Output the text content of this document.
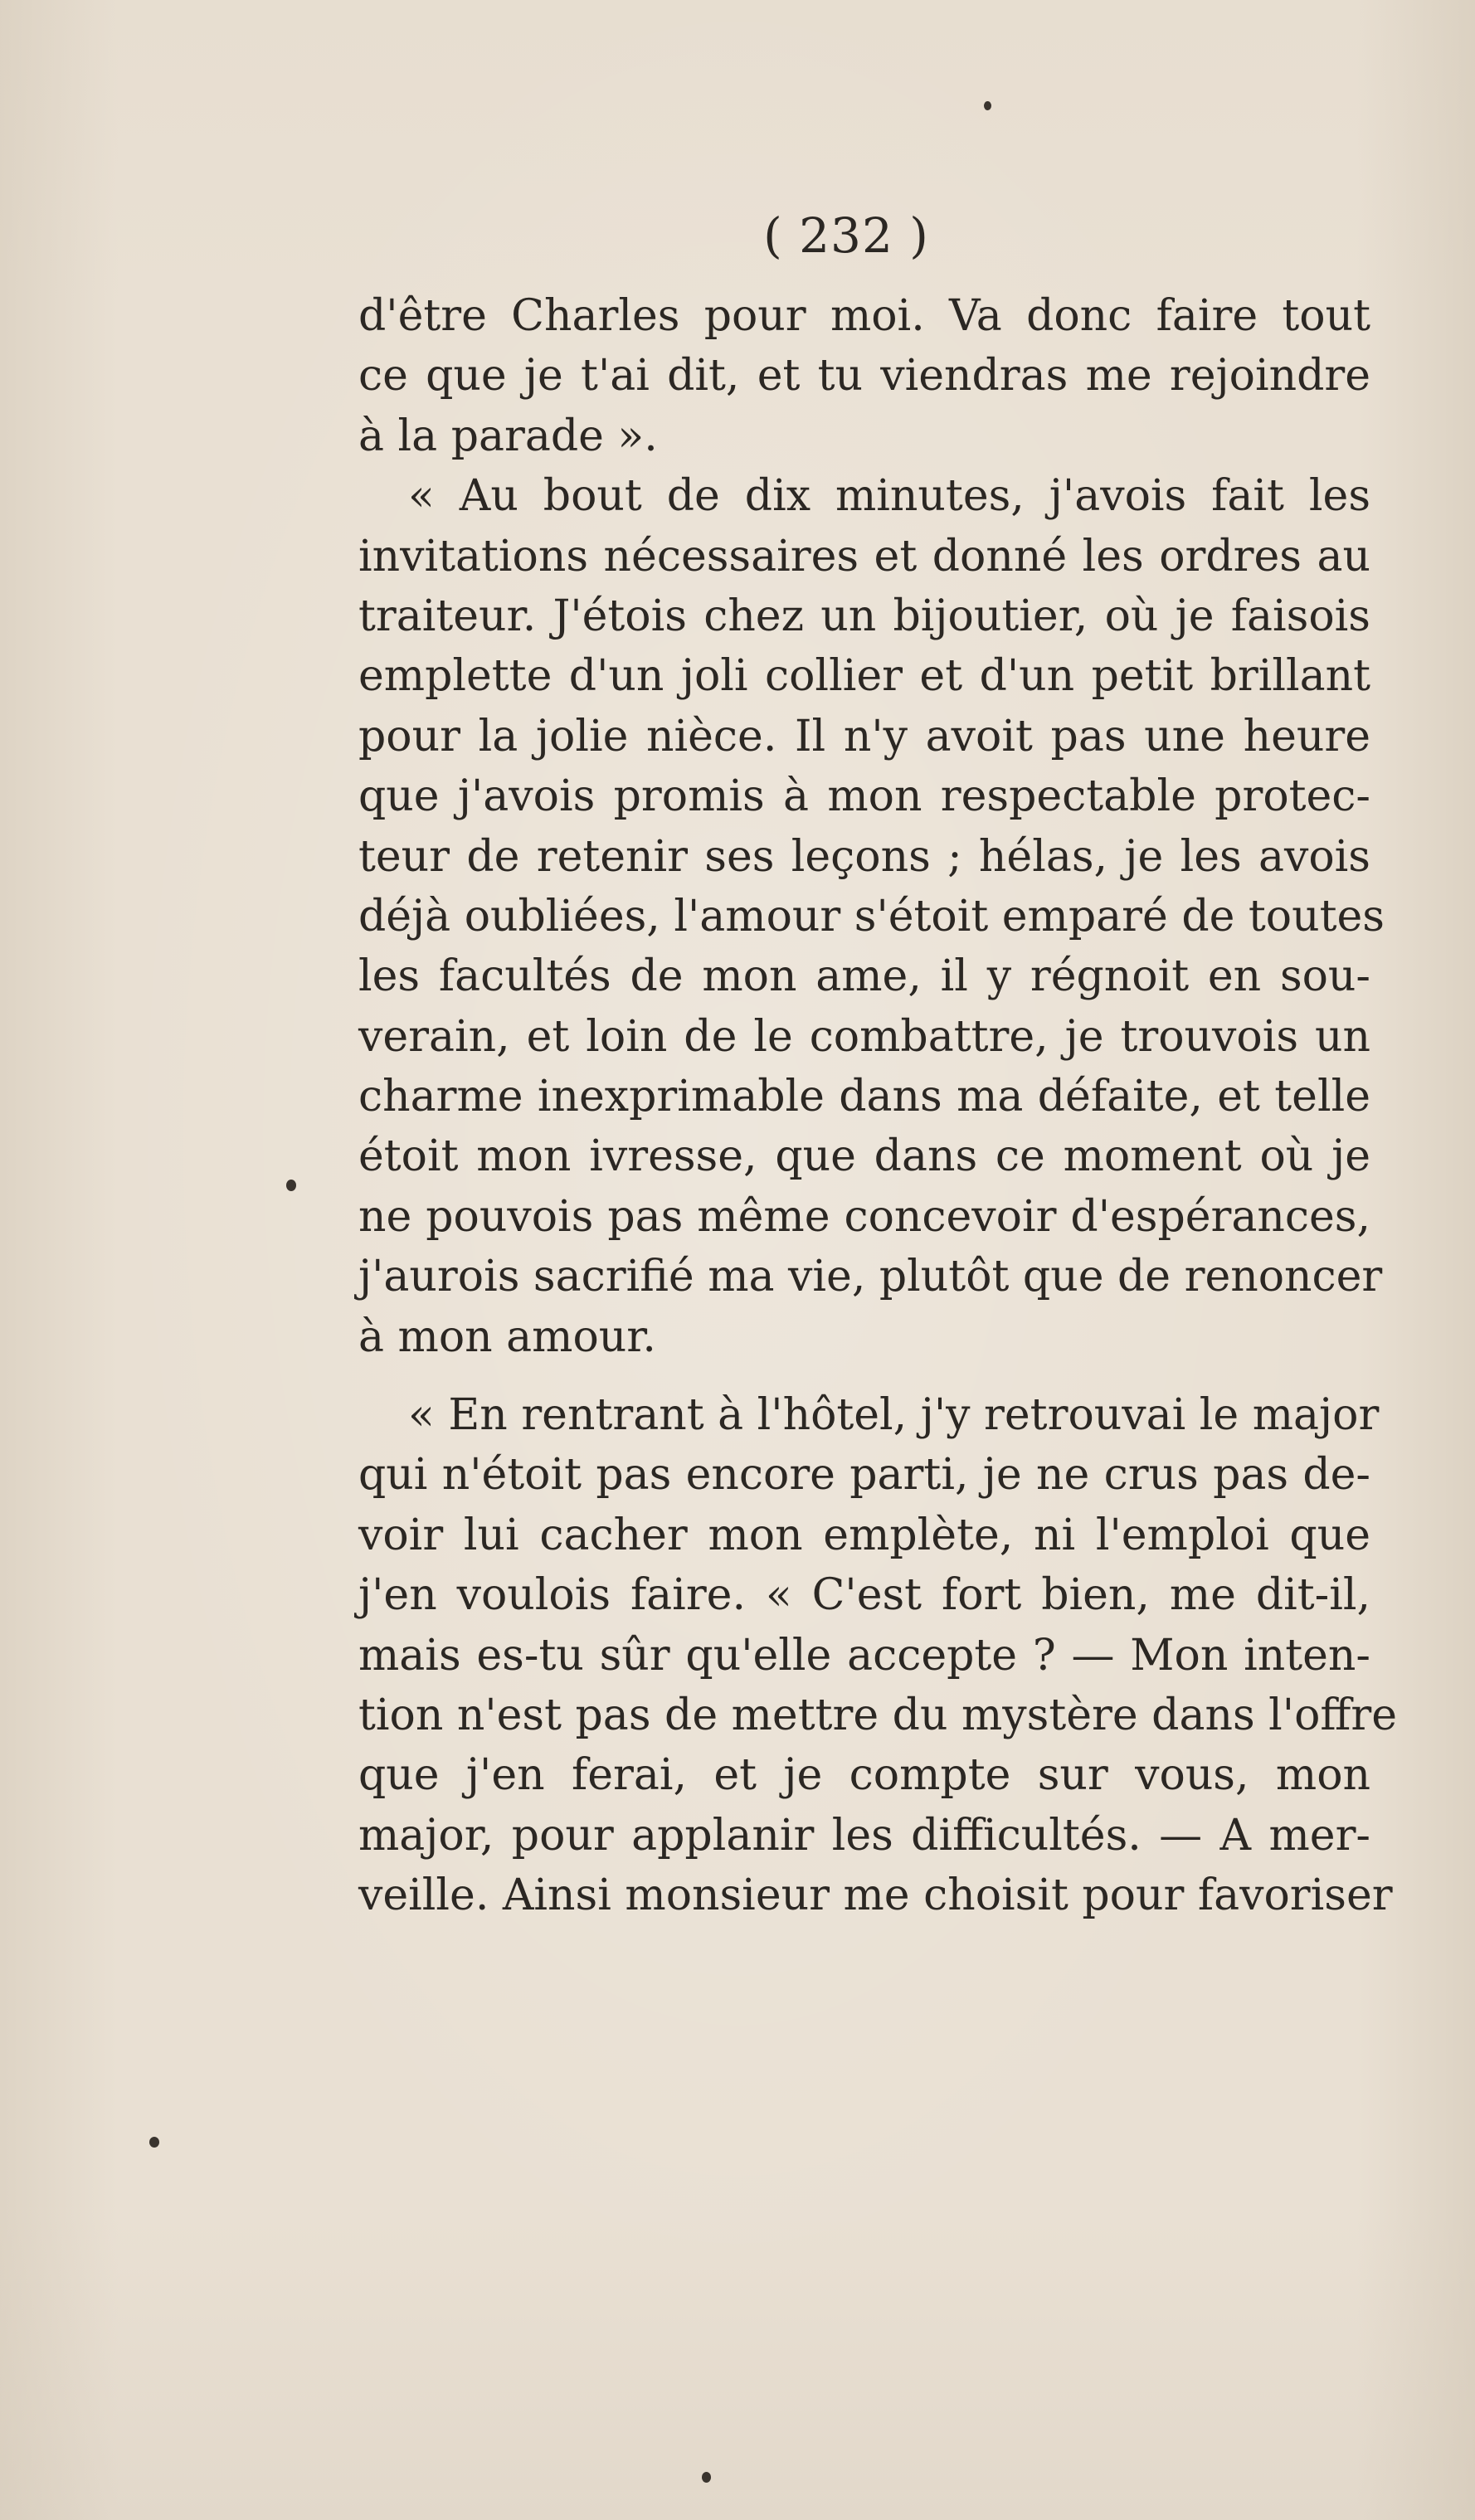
( 232 )
d'être Charles pour moi. Va donc faire tout
ce que je t'ai dit, et tu viendras me rejoindre
à la parade ».
« Au bout de dix minutes, j'avois fait les
invitations nécessaires et donné les ordres au
traiteur. J'étois chez un bijoutier, où je faisois
emplette d'un joli collier et d'un petit brillant
pour la jolie nièce. Il n'y avoit pas une heure
que j'avois promis à mon respectable protec-
teur de retenir ses leçons ; hélas, je les avois
déjà oubliées, l'amour s'étoit emparé de toutes
les facultés de mon ame, il y régnoit en sou-
verain, et loin de le combattre, je trouvois un
charme inexprimable dans ma défaite, et telle
étoit mon ivresse, que dans ce moment où je
ne pouvois pas même concevoir d'espérances,
j'aurois sacrifié ma vie, plutôt que de renoncer
à mon amour.
« En rentrant à l'hôtel, j'y retrouvai le major
qui n'étoit pas encore parti, je ne crus pas de-
voir lui cacher mon emplète, ni l'emploi que
j'en voulois faire. « C'est fort bien, me dit-il,
mais es-tu sûr qu'elle accepte ? — Mon inten-
tion n'est pas de mettre du mystère dans l'offre
que j'en ferai, et je compte sur vous, mon
major, pour applanir les difficultés. — A mer-
veille. Ainsi monsieur me choisit pour favoriser
